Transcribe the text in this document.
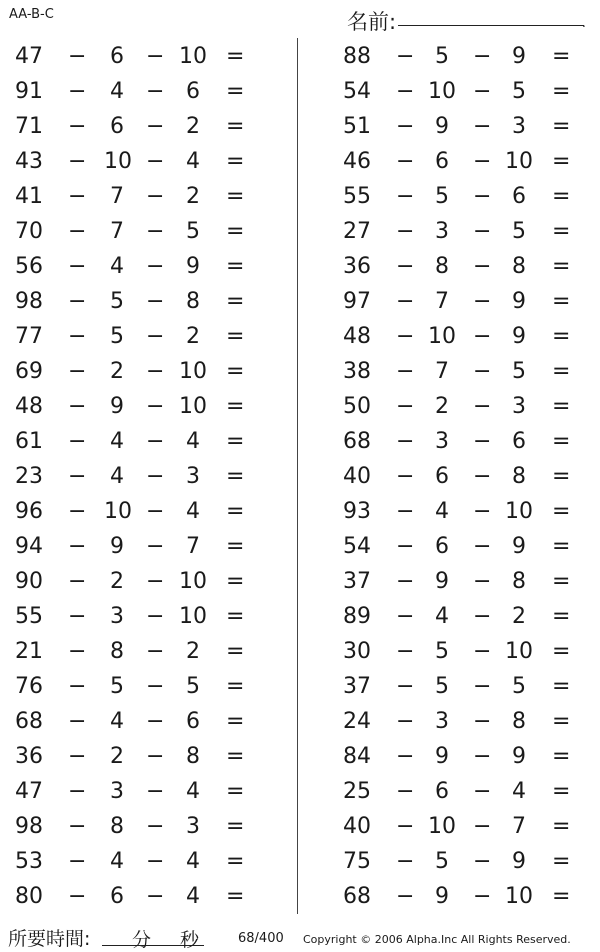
AA-B-C	名前:	.
47 − 6 − 10 =
91 − 4 − 6	=
71 − 6 − 2	=
43 − 10 − 4	=
41 − 7 − 2	=
70 − 7 − 5	=
56 − 4 − 9	=
98 − 5 − 8	=
77 − 5 − 2	=
69 − 2 − 10 =
48 − 9 − 10 =
61 − 4 − 4	=
23 − 4 − 3	=
96 − 10 − 4	=
94 − 9 − 7	=
90 − 2 − 10 =
55 − 3 − 10 =
21 − 8 − 2	=
76 − 5 − 5	=
68 − 4 − 6	=
36 − 2 − 8	=
47 − 3 − 4	=
98 − 8 − 3	=
53 − 4 − 4	=
80 − 6 − 4	=
88 − 5	− 9	=
54 − 10 − 5	=
51 − 9	− 3	=
46 − 6	− 10 =
55 − 5	− 6	=
27 − 3	− 5	=
36 − 8	− 8	=
97 − 7	− 9	=
48 − 10 − 9	=
38 − 7	− 5	=
50 − 2	− 3	=
68 − 3	− 6	=
40 − 6	− 8	=
93 − 4	− 10 =
54 − 6	− 9	=
37 − 9	− 8	=
89 − 4	− 2	=
30 − 5	− 10 =
37 − 5	− 5	=
24 − 3	− 8	=
84 − 9	− 9	=
25 − 6	− 4	=
40 − 10 − 7	=
75 − 5	− 9	=
68 − 9	− 10 =
所要時間: 分 秒	68/400 Copyright © 2006 Alpha.Inc All Rights Reserved.
